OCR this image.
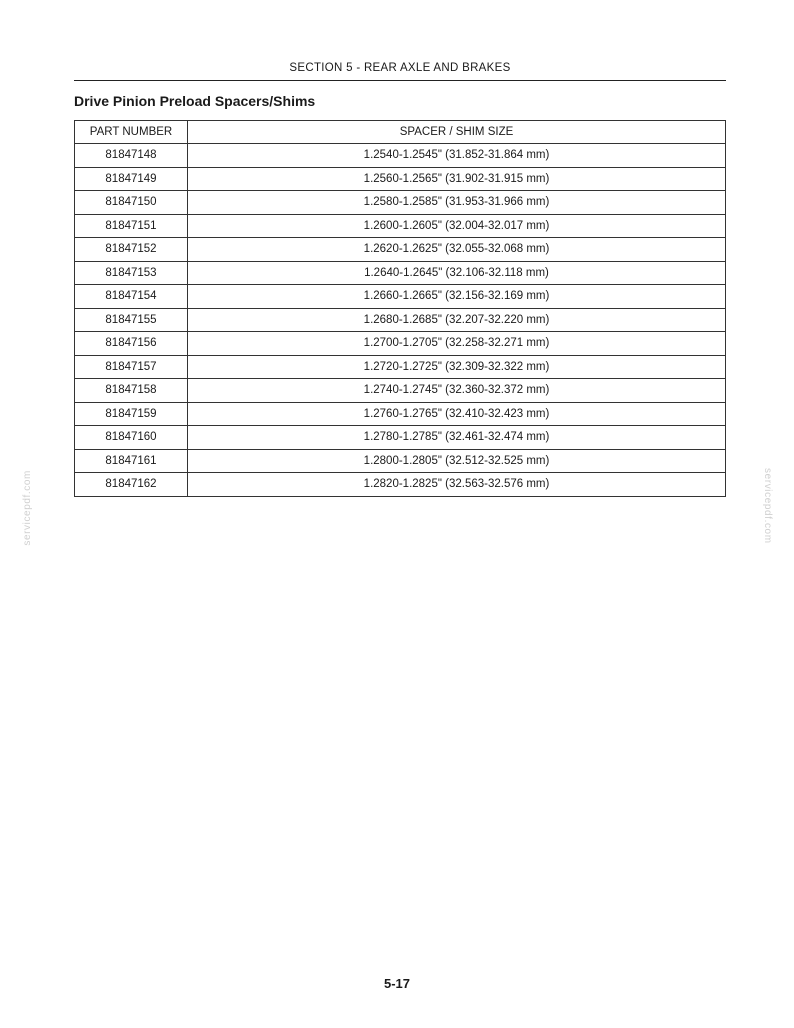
SECTION 5 - REAR AXLE AND BRAKES
Drive Pinion Preload Spacers/Shims
PART NUMBER	SPACER / SHIM SIZE
81847148	1.2540-1.2545" (31.852-31.864 mm)
81847149	1.2560-1.2565" (31.902-31.915 mm)
81847150	1.2580-1.2585" (31.953-31.966 mm)
81847151	1.2600-1.2605" (32.004-32.017 mm)
81847152	1.2620-1.2625" (32.055-32.068 mm)
81847153	1.2640-1.2645" (32.106-32.118 mm)
81847154	1.2660-1.2665" (32.156-32.169 mm)
81847155	1.2680-1.2685" (32.207-32.220 mm)
81847156	1.2700-1.2705" (32.258-32.271 mm)
81847157	1.2720-1.2725" (32.309-32.322 mm)
81847158	1.2740-1.2745" (32.360-32.372 mm)
81847159	1.2760-1.2765" (32.410-32.423 mm)
81847160	1.2780-1.2785" (32.461-32.474 mm)
81847161	1.2800-1.2805" (32.512-32.525 mm)
81847162	1.2820-1.2825" (32.563-32.576 mm)
servicepdf.com	servicepdf.com
5-17
